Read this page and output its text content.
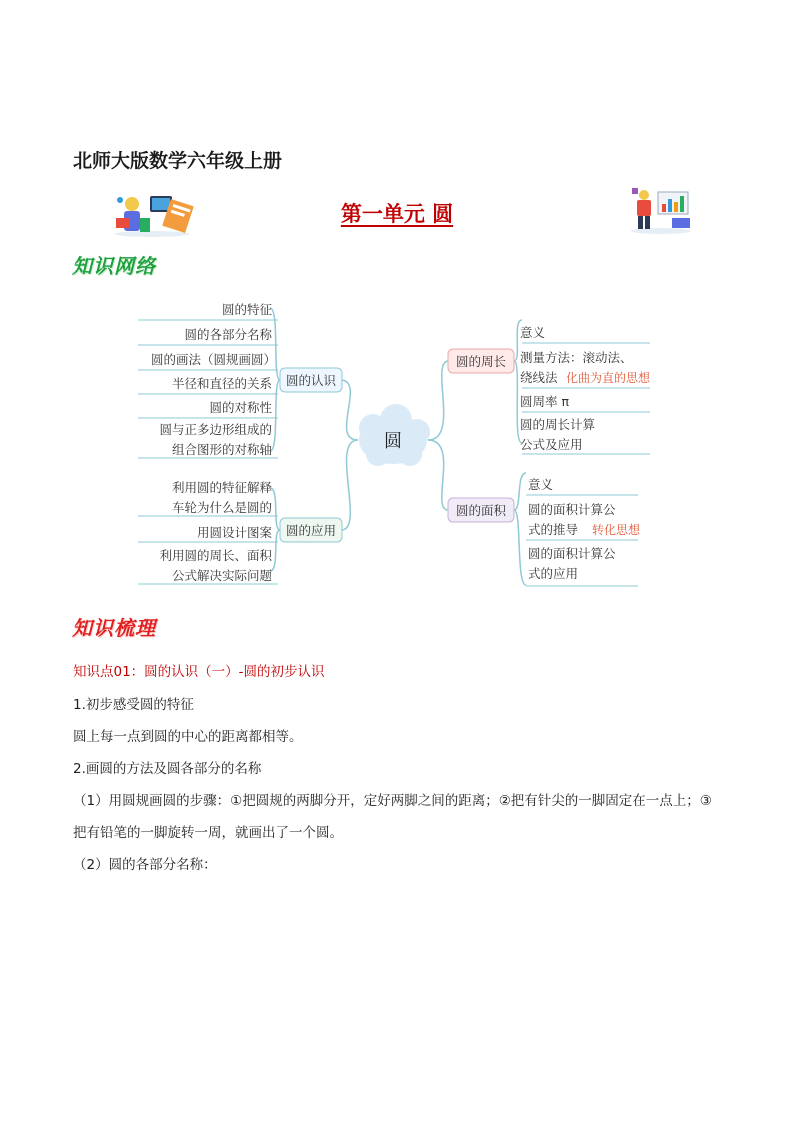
北师大版数学六年级上册
第一单元 圆
知识网络
圆
圆的认识
圆的应用
圆的周长
圆的面积
圆的特征
圆的各部分名称
圆的画法（圆规画圆）
半径和直径的关系
圆的对称性
圆与正多边形组成的
组合图形的对称轴
利用圆的特征解释
车轮为什么是圆的
用圆设计图案
利用圆的周长、面积
公式解决实际问题
意义
测量方法：滚动法、
绕线法 化曲为直的思想
圆周率 π
圆的周长计算
公式及应用
意义
圆的面积计算公
式的推导 转化思想
圆的面积计算公
式的应用
知识梳理
知识点01：圆的认识（一）-圆的初步认识
1.初步感受圆的特征
圆上每一点到圆的中心的距离都相等。
2.画圆的方法及圆各部分的名称
（1）用圆规画圆的步骤：①把圆规的两脚分开，定好两脚之间的距离；②把有针尖的一脚固定在一点上；③
把有铅笔的一脚旋转一周，就画出了一个圆。
（2）圆的各部分名称：
